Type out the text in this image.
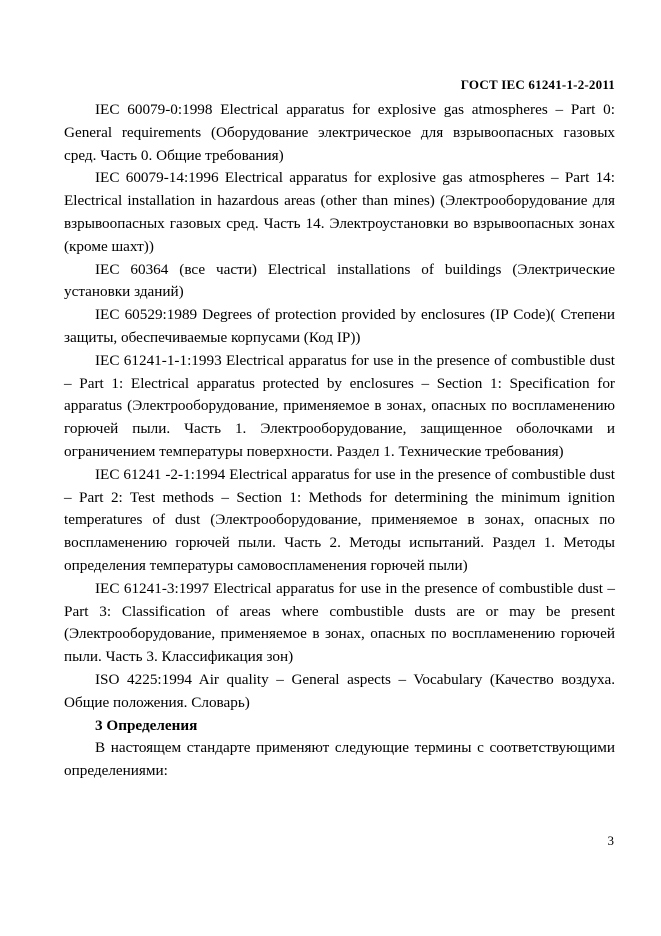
ГОСТ IEC 61241-1-2-2011

IEC 60079-0:1998 Electrical apparatus for explosive gas atmospheres – Part 0: General requirements (Оборудование электрическое для взрывоопасных газовых сред. Часть 0. Общие требования)

IEC 60079-14:1996 Electrical apparatus for explosive gas atmospheres – Part 14: Electrical installation in hazardous areas (other than mines) (Электрооборудование для взрывоопасных газовых сред. Часть 14. Электроустановки во взрывоопасных зонах (кроме шахт))

IEC 60364 (все части) Electrical installations of buildings (Электрические установки зданий)

IEC 60529:1989 Degrees of protection provided by enclosures (IP Code)( Степени защиты, обеспечиваемые корпусами (Код IP))

IEC 61241-1-1:1993 Electrical apparatus for use in the presence of combustible dust – Part 1: Electrical apparatus protected by enclosures – Section 1: Specification for apparatus (Электрооборудование, применяемое в зонах, опасных по воспламенению горючей пыли. Часть 1. Электрооборудование, защищенное оболочками и ограничением температуры поверхности. Раздел 1. Технические требования)

IEC 61241 -2-1:1994 Electrical apparatus for use in the presence of combustible dust – Part 2: Test methods – Section 1: Methods for determining the minimum ignition temperatures of dust (Электрооборудование, применяемое в зонах, опасных по воспламенению горючей пыли. Часть 2. Методы испытаний. Раздел 1. Методы определения температуры самовоспламенения горючей пыли)

IEC 61241-3:1997 Electrical apparatus for use in the presence of combustible dust – Part 3: Classification of areas where combustible dusts are or may be present (Электрооборудование, применяемое в зонах, опасных по воспламенению горючей пыли. Часть 3. Классификация зон)

ISO 4225:1994 Air quality – General aspects – Vocabulary (Качество воздуха. Общие положения. Словарь)

3 Определения

В настоящем стандарте применяют следующие термины с соответствующими определениями:

3
